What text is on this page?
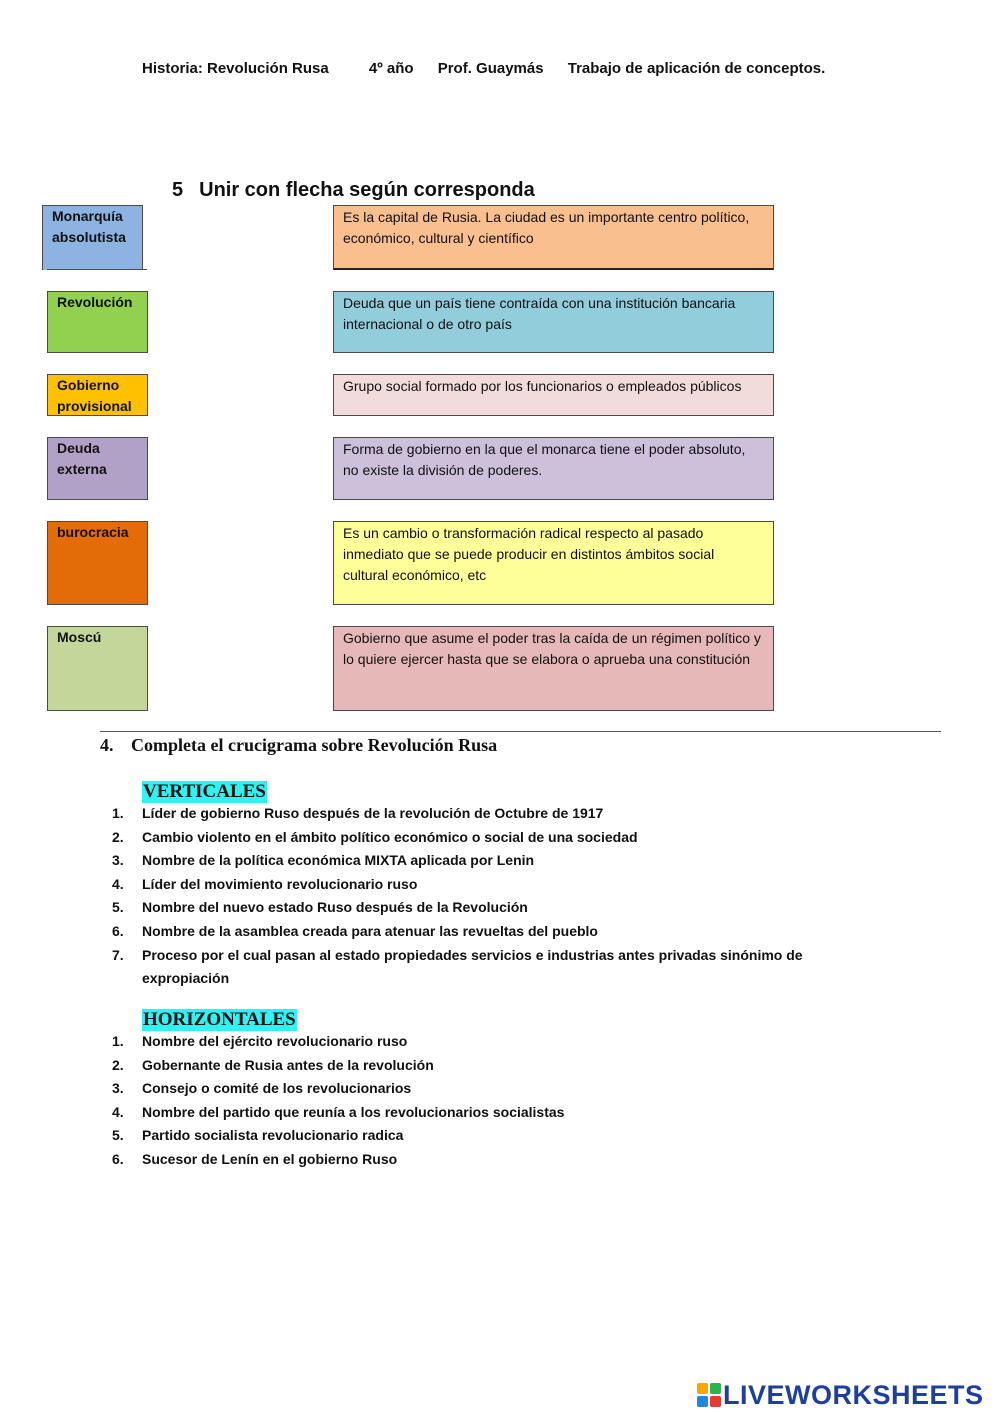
Historia: Revolución Rusa	4º año Prof. Guaymás Trabajo de aplicación de conceptos.
5 Unir con flecha según corresponda
Monarquía absolutista
Revolución
Gobierno provisional
Deuda externa
burocracia
Moscú
Es la capital de Rusia. La ciudad es un importante centro político, económico, cultural y científico
Deuda que un país tiene contraída con una institución bancaria internacional o de otro país
Grupo social formado por los funcionarios o empleados públicos
Forma de gobierno en la que el monarca tiene el poder absoluto, no existe la división de poderes.
Es un cambio o transformación radical respecto al pasado inmediato que se puede producir en distintos ámbitos social cultural económico, etc
Gobierno que asume el poder tras la caída de un régimen político y lo quiere ejercer hasta que se elabora o aprueba una constitución
4. Completa el crucigrama sobre Revolución Rusa
VERTICALES
1. Líder de gobierno Ruso después de la revolución de Octubre de 1917
2. Cambio violento en el ámbito político económico o social de una sociedad
3. Nombre de la política económica MIXTA aplicada por Lenin
4. Líder del movimiento revolucionario ruso
5. Nombre del nuevo estado Ruso después de la Revolución
6. Nombre de la asamblea creada para atenuar las revueltas del pueblo
7. Proceso por el cual pasan al estado propiedades servicios e industrias antes privadas sinónimo de expropiación
HORIZONTALES
1. Nombre del ejército revolucionario ruso
2. Gobernante de Rusia antes de la revolución
3. Consejo o comité de los revolucionarios
4. Nombre del partido que reunía a los revolucionarios socialistas
5. Partido socialista revolucionario radica
6. Sucesor de Lenín en el gobierno Ruso
LIVEWORKSHEETS
